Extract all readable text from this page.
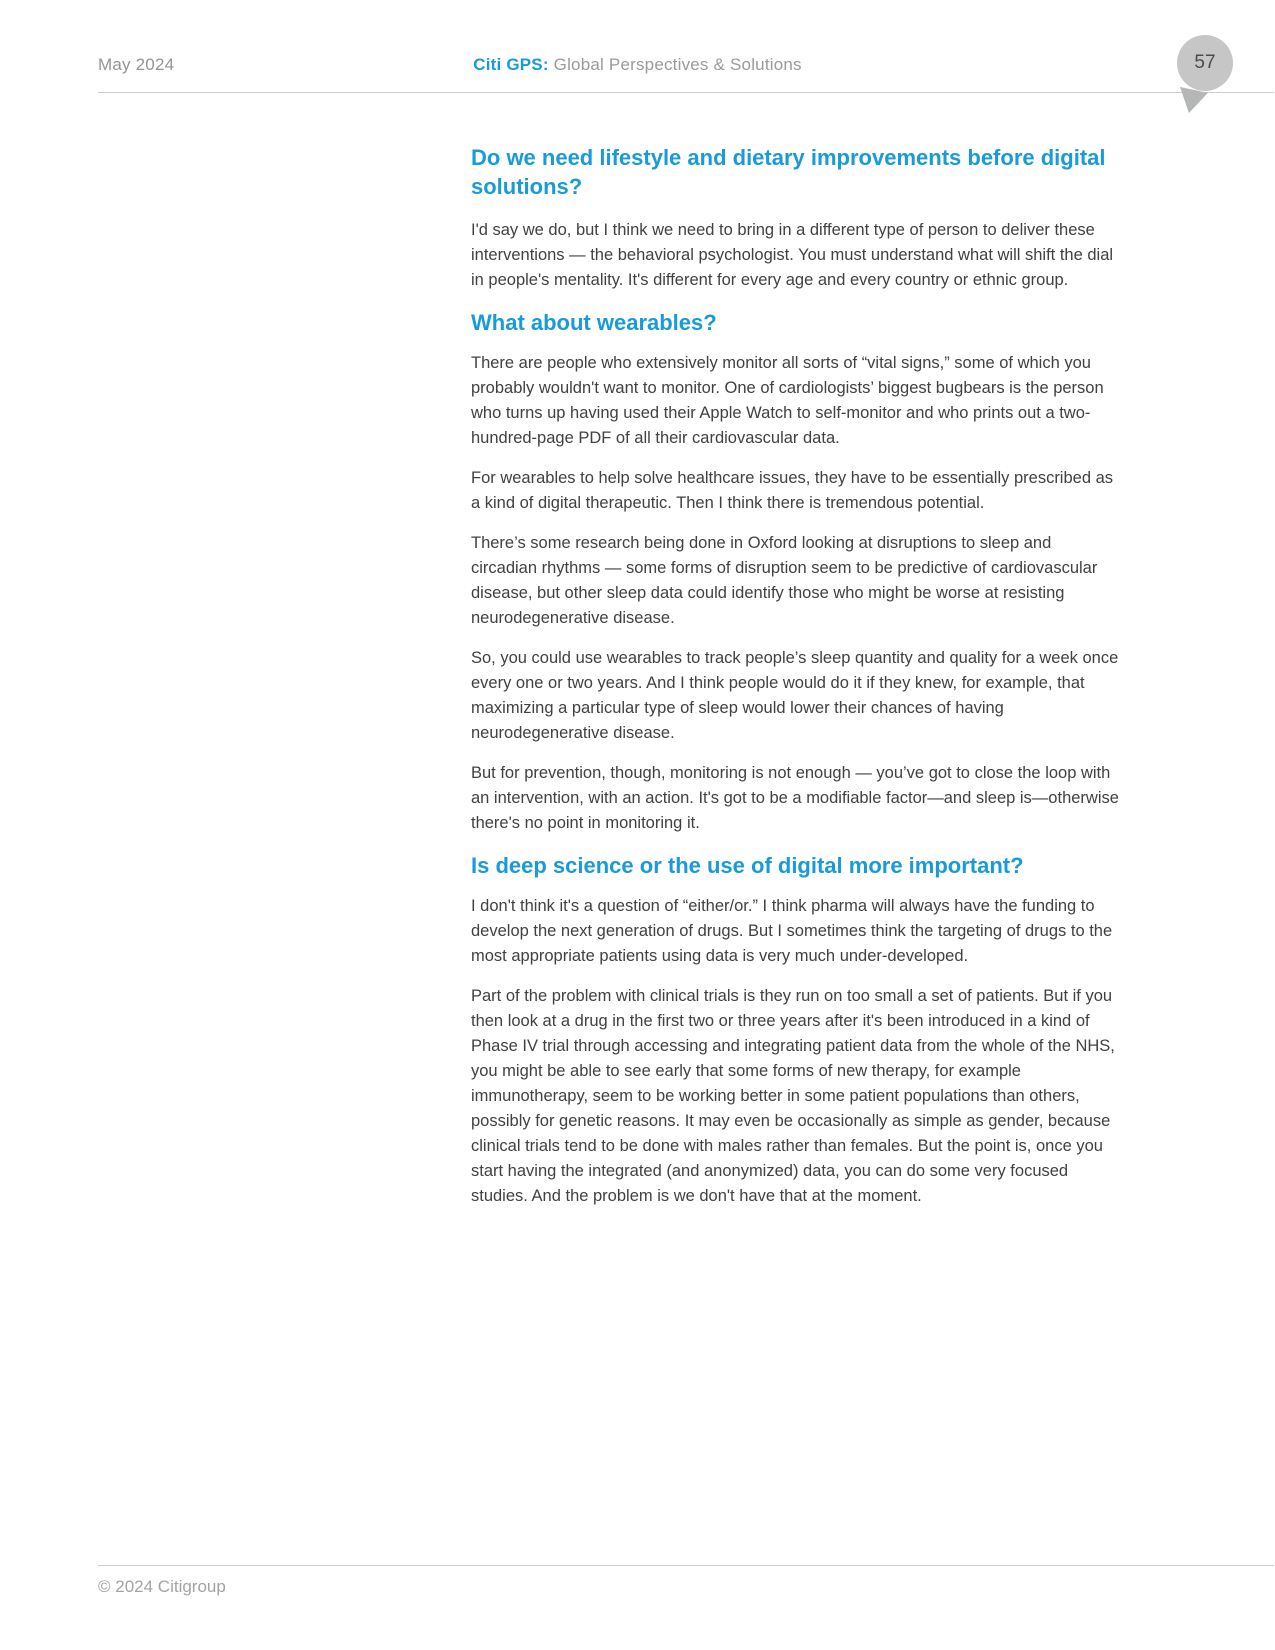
May 2024	Citi GPS: Global Perspectives & Solutions	57
Do we need lifestyle and dietary improvements before digital solutions?

I'd say we do, but I think we need to bring in a different type of person to deliver these interventions — the behavioral psychologist. You must understand what will shift the dial in people's mentality. It's different for every age and every country or ethnic group.

What about wearables?

There are people who extensively monitor all sorts of “vital signs,” some of which you probably wouldn't want to monitor. One of cardiologists’ biggest bugbears is the person who turns up having used their Apple Watch to self-monitor and who prints out a two-hundred-page PDF of all their cardiovascular data.

For wearables to help solve healthcare issues, they have to be essentially prescribed as a kind of digital therapeutic. Then I think there is tremendous potential.

There’s some research being done in Oxford looking at disruptions to sleep and circadian rhythms — some forms of disruption seem to be predictive of cardiovascular disease, but other sleep data could identify those who might be worse at resisting neurodegenerative disease.

So, you could use wearables to track people’s sleep quantity and quality for a week once every one or two years. And I think people would do it if they knew, for example, that maximizing a particular type of sleep would lower their chances of having neurodegenerative disease.

But for prevention, though, monitoring is not enough — you’ve got to close the loop with an intervention, with an action. It's got to be a modifiable factor—and sleep is—otherwise there's no point in monitoring it.

Is deep science or the use of digital more important?

I don't think it's a question of “either/or.” I think pharma will always have the funding to develop the next generation of drugs. But I sometimes think the targeting of drugs to the most appropriate patients using data is very much under-developed.

Part of the problem with clinical trials is they run on too small a set of patients. But if you then look at a drug in the first two or three years after it's been introduced in a kind of Phase IV trial through accessing and integrating patient data from the whole of the NHS, you might be able to see early that some forms of new therapy, for example immunotherapy, seem to be working better in some patient populations than others, possibly for genetic reasons. It may even be occasionally as simple as gender, because clinical trials tend to be done with males rather than females. But the point is, once you start having the integrated (and anonymized) data, you can do some very focused studies. And the problem is we don't have that at the moment.

© 2024 Citigroup
